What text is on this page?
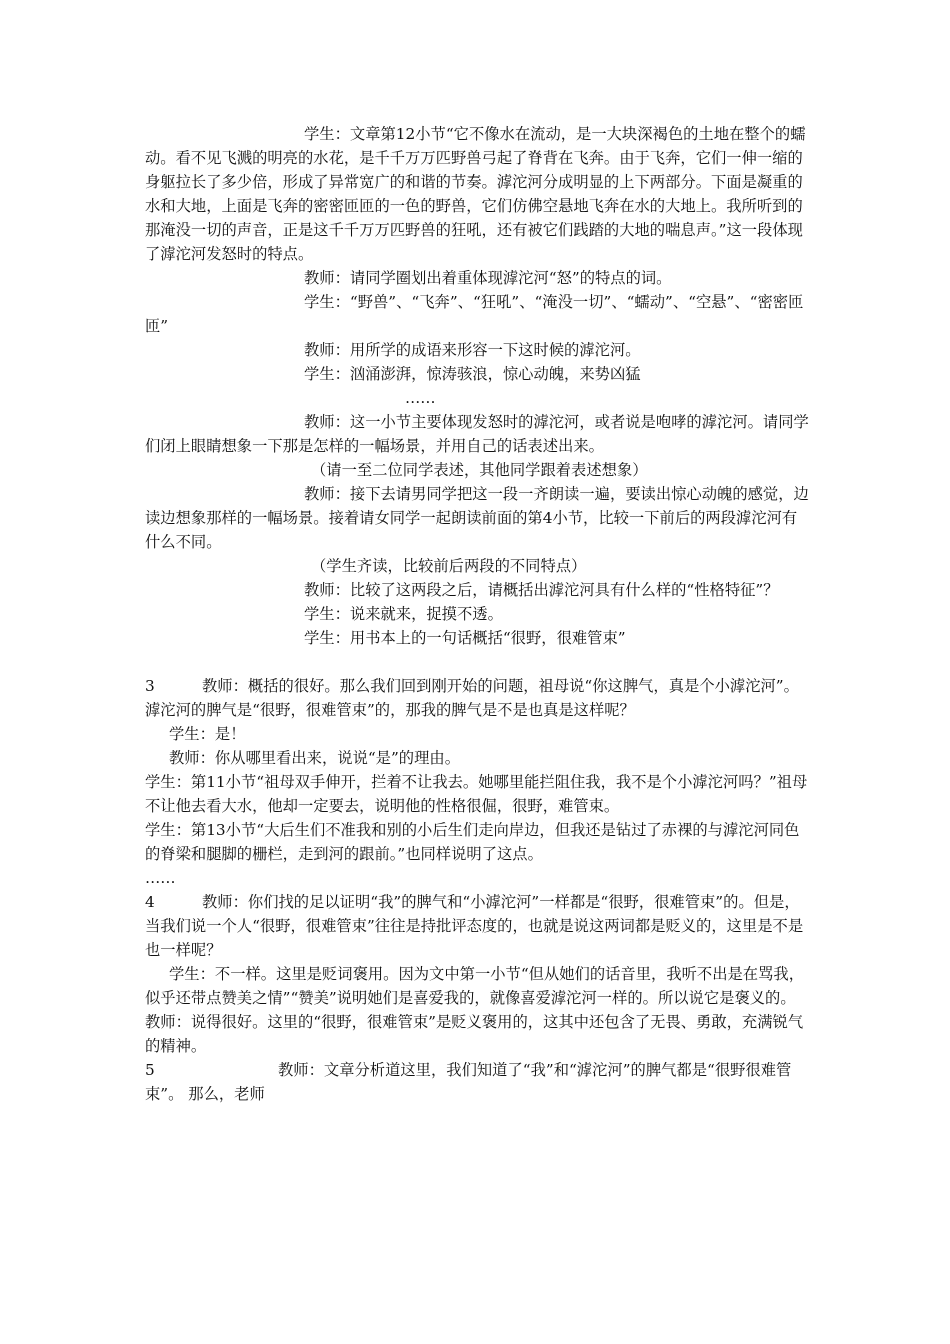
学生：文章第12小节“它不像水在流动，是一大块深褐色的土地在整个的蠕动。看不见飞溅的明亮的水花，是千千万万匹野兽弓起了脊背在飞奔。由于飞奔，它们一伸一缩的身躯拉长了多少倍，形成了异常宽广的和谐的节奏。滹沱河分成明显的上下两部分。下面是凝重的水和大地，上面是飞奔的密密匝匝的一色的野兽，它们仿佛空悬地飞奔在水的大地上。我所听到的那淹没一切的声音，正是这千千万万匹野兽的狂吼，还有被它们践踏的大地的喘息声。”这一段体现了滹沱河发怒时的特点。

教师：请同学圈划出着重体现滹沱河“怒”的特点的词。

学生：“野兽”、“飞奔”、“狂吼”、“淹没一切”、“蠕动”、“空悬”、“密密匝匝”

教师：用所学的成语来形容一下这时候的滹沱河。

学生：汹涌澎湃，惊涛骇浪，惊心动魄，来势凶猛

……

教师：这一小节主要体现发怒时的滹沱河，或者说是咆哮的滹沱河。请同学们闭上眼睛想象一下那是怎样的一幅场景，并用自己的话表述出来。

（请一至二位同学表述，其他同学跟着表述想象）

教师：接下去请男同学把这一段一齐朗读一遍，要读出惊心动魄的感觉，边读边想象那样的一幅场景。接着请女同学一起朗读前面的第4小节，比较一下前后的两段滹沱河有什么不同。

（学生齐读，比较前后两段的不同特点）

教师：比较了这两段之后，请概括出滹沱河具有什么样的“性格特征”？

学生：说来就来，捉摸不透。

学生：用书本上的一句话概括“很野，很难管束”

3	教师：概括的很好。那么我们回到刚开始的问题，祖母说“你这脾气，真是个小滹沱河”。滹沱河的脾气是“很野，很难管束”的，那我的脾气是不是也真是这样呢？

学生：是！

教师：你从哪里看出来，说说“是”的理由。

学生：第11小节“祖母双手伸开，拦着不让我去。她哪里能拦阻住我，我不是个小滹沱河吗？”祖母不让他去看大水，他却一定要去，说明他的性格很倔，很野，难管束。

学生：第13小节“大后生们不准我和别的小后生们走向岸边，但我还是钻过了赤裸的与滹沱河同色的脊梁和腿脚的栅栏，走到河的跟前。”也同样说明了这点。

……

4	教师：你们找的足以证明“我”的脾气和“小滹沱河”一样都是“很野，很难管束”的。但是，当我们说一个人“很野，很难管束”往往是持批评态度的，也就是说这两词都是贬义的，这里是不是也一样呢？

学生：不一样。这里是贬词褒用。因为文中第一小节“但从她们的话音里，我听不出是在骂我，似乎还带点赞美之情”“赞美”说明她们是喜爱我的，就像喜爱滹沱河一样的。所以说它是褒义的。

教师：说得很好。这里的“很野，很难管束”是贬义褒用的，这其中还包含了无畏、勇敢，充满锐气的精神。

5	教师：文章分析道这里，我们知道了“我”和“滹沱河”的脾气都是“很野很难管束”。 那么，老师
